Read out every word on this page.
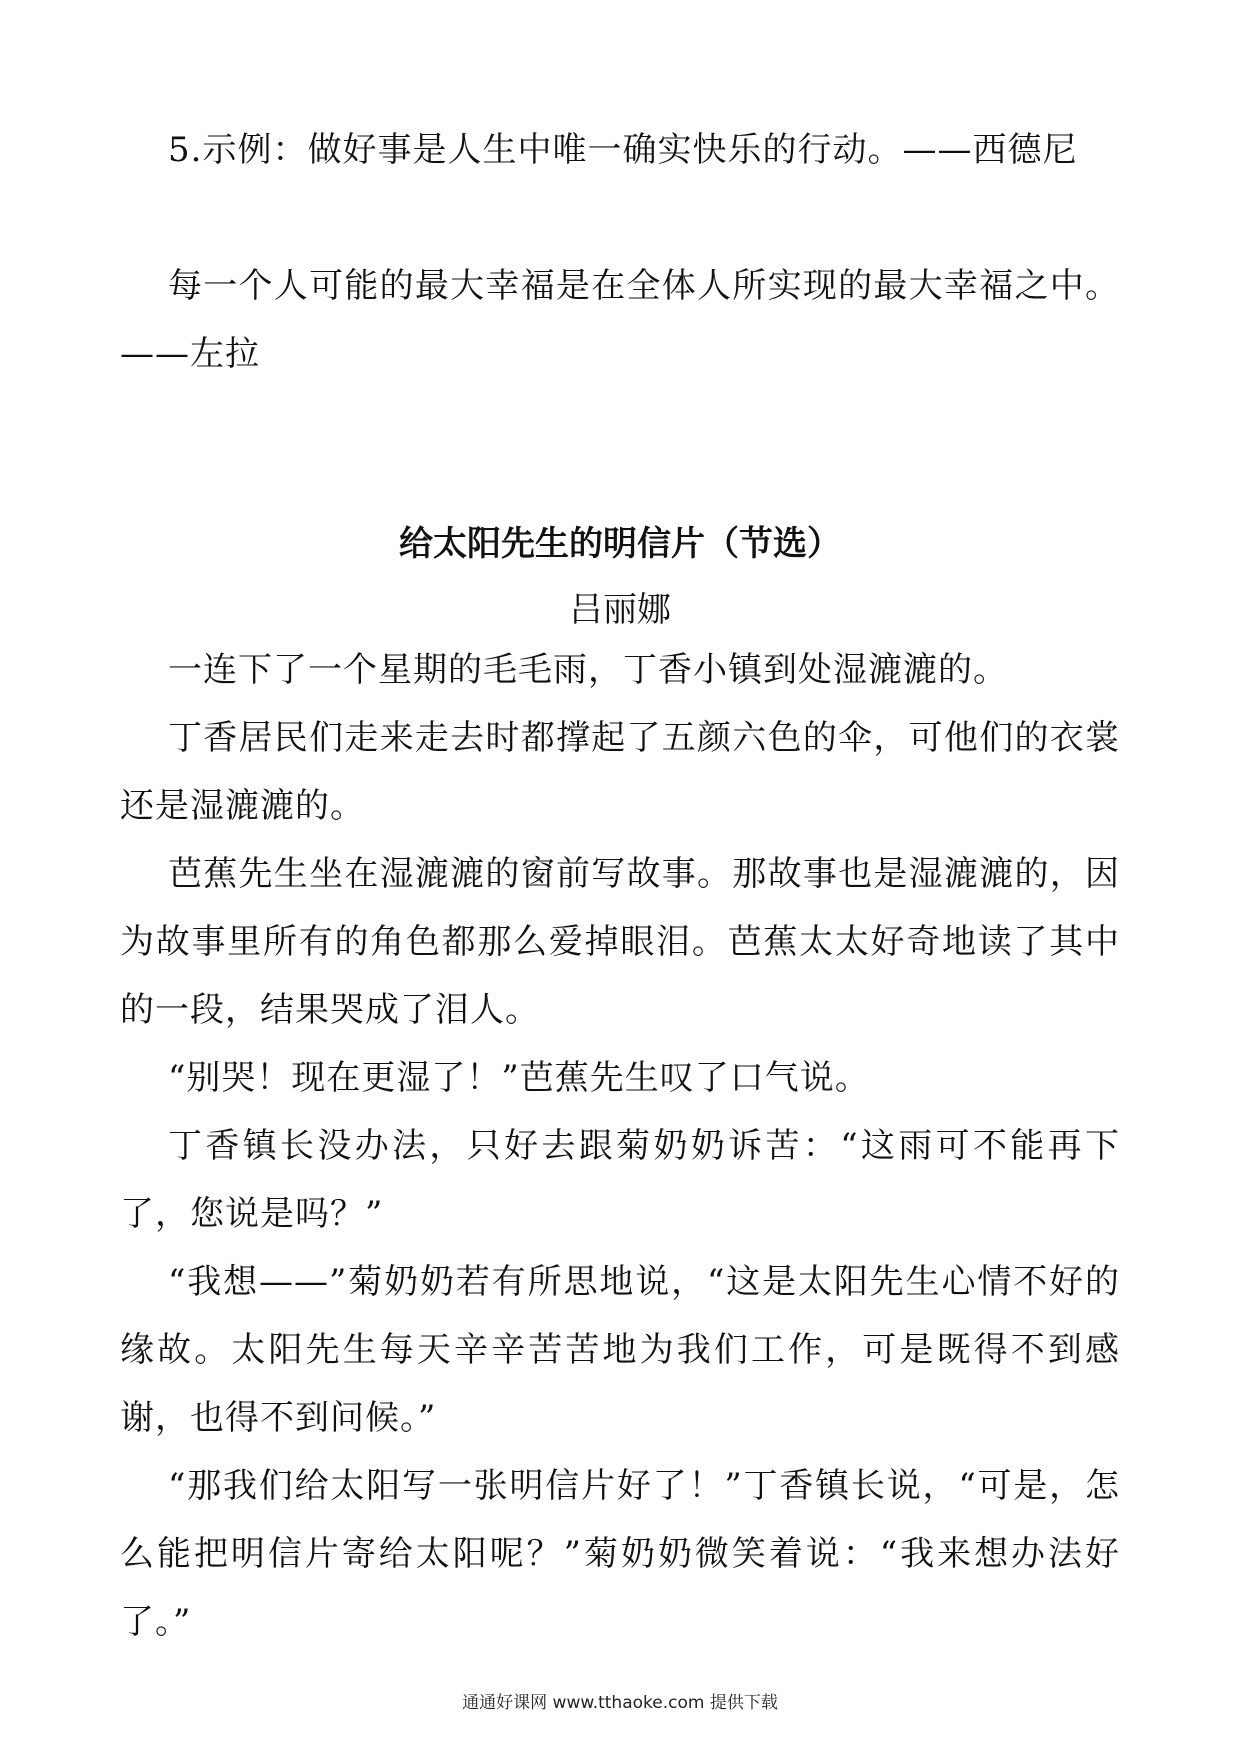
5.示例：做好事是人生中唯一确实快乐的行动。——西德尼

每一个人可能的最大幸福是在全体人所实现的最大幸福之中。——左拉

给太阳先生的明信片（节选）

吕丽娜

一连下了一个星期的毛毛雨，丁香小镇到处湿漉漉的。

丁香居民们走来走去时都撑起了五颜六色的伞，可他们的衣裳还是湿漉漉的。

芭蕉先生坐在湿漉漉的窗前写故事。那故事也是湿漉漉的，因为故事里所有的角色都那么爱掉眼泪。芭蕉太太好奇地读了其中的一段，结果哭成了泪人。

“别哭！现在更湿了！”芭蕉先生叹了口气说。

丁香镇长没办法，只好去跟菊奶奶诉苦：“这雨可不能再下了，您说是吗？”

“我想——”菊奶奶若有所思地说，“这是太阳先生心情不好的缘故。太阳先生每天辛辛苦苦地为我们工作，可是既得不到感谢，也得不到问候。”

“那我们给太阳写一张明信片好了！”丁香镇长说，“可是，怎么能把明信片寄给太阳呢？”菊奶奶微笑着说：“我来想办法好了。”

通通好课网 www.tthaoke.com 提供下载
